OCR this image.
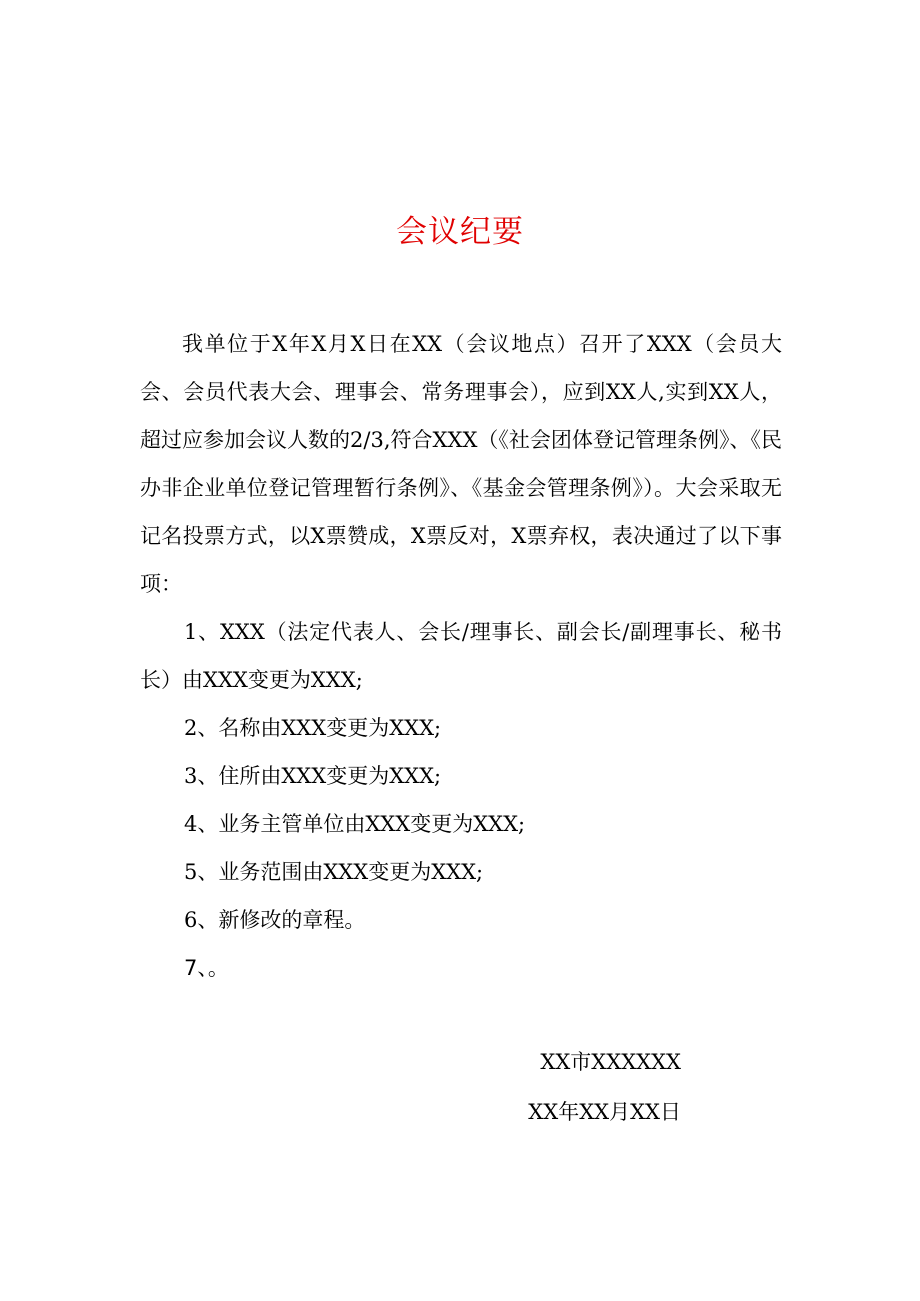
会议纪要

我单位于X年X月X日在XX（会议地点）召开了XXX（会员大会、会员代表大会、理事会、常务理事会），应到XX人,实到XX人，超过应参加会议人数的2/3,符合XXX（《社会团体登记管理条例》、《民办非企业单位登记管理暂行条例》、《基金会管理条例》）。大会采取无记名投票方式，以X票赞成，X票反对，X票弃权，表决通过了以下事项：

1、XXX（法定代表人、会长/理事长、副会长/副理事长、秘书长）由XXX变更为XXX;

2、名称由XXX变更为XXX;

3、住所由XXX变更为XXX;

4、业务主管单位由XXX变更为XXX;

5、业务范围由XXX变更为XXX;

6、新修改的章程。

7、。

XX市XXXXXX
XX年XX月XX日
